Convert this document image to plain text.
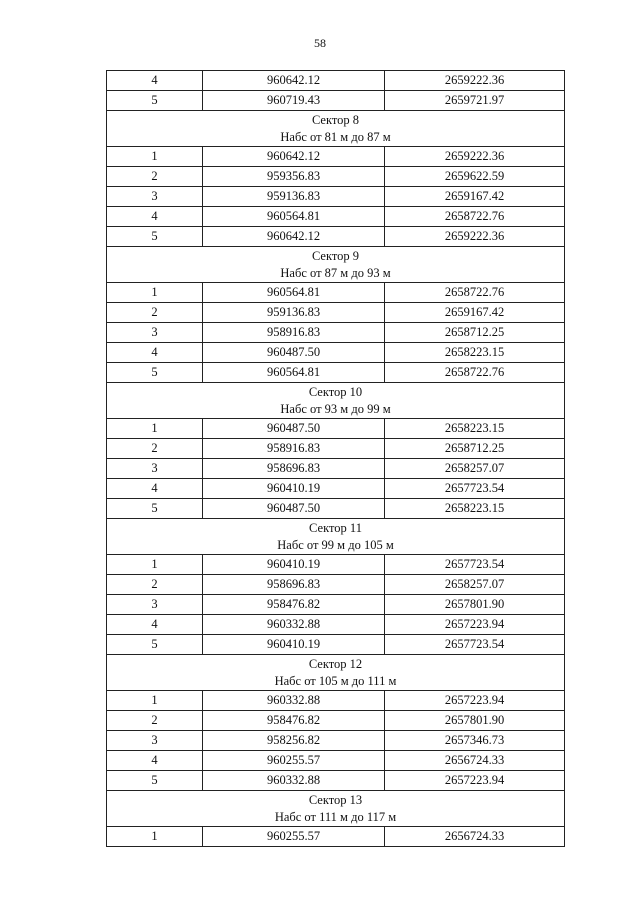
58
4	960642.12	2659222.36
5	960719.43	2659721.97

Сектор 8
Набс от 81 м до 87 м		

1	960642.12	2659222.36
2	959356.83	2659622.59
3	959136.83	2659167.42
4	960564.81	2658722.76
5	960642.12	2659222.36

Сектор 9
Набс от 87 м до 93 м		

1	960564.81	2658722.76
2	959136.83	2659167.42
3	958916.83	2658712.25
4	960487.50	2658223.15
5	960564.81	2658722.76

Сектор 10
Набс от 93 м до 99 м		

1	960487.50	2658223.15
2	958916.83	2658712.25
3	958696.83	2658257.07
4	960410.19	2657723.54
5	960487.50	2658223.15

Сектор 11
Набс от 99 м до 105 м		

1	960410.19	2657723.54
2	958696.83	2658257.07
3	958476.82	2657801.90
4	960332.88	2657223.94
5	960410.19	2657723.54

Сектор 12
Набс от 105 м до 111 м		

1	960332.88	2657223.94
2	958476.82	2657801.90
3	958256.82	2657346.73
4	960255.57	2656724.33
5	960332.88	2657223.94

Сектор 13
Набс от 111 м до 117 м		

1	960255.57	2656724.33
